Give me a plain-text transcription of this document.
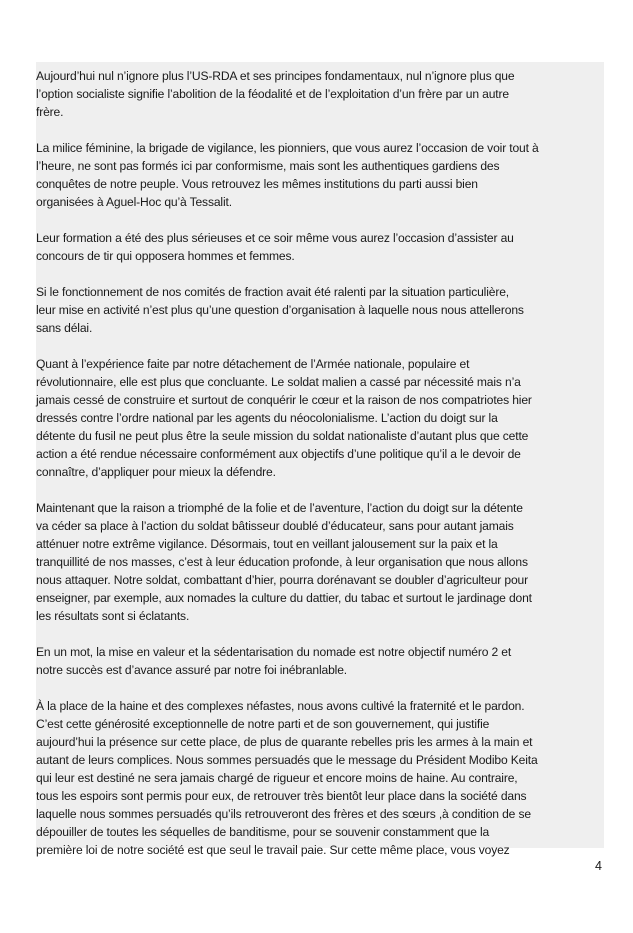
Aujourd’hui nul n’ignore plus l’US-RDA et ses principes fondamentaux, nul n’ignore plus que
l’option socialiste signifie l’abolition de la féodalité et de l’exploitation d’un frère par un autre
frère.
La milice féminine, la brigade de vigilance, les pionniers, que vous aurez l’occasion de voir tout à
l’heure, ne sont pas formés ici par conformisme, mais sont les authentiques gardiens des
conquêtes de notre peuple. Vous retrouvez les mêmes institutions du parti aussi bien
organisées à Aguel-Hoc qu’à Tessalit.
Leur formation a été des plus sérieuses et ce soir même vous aurez l’occasion d’assister au
concours de tir qui opposera hommes et femmes.
Si le fonctionnement de nos comités de fraction avait été ralenti par la situation particulière,
leur mise en activité n’est plus qu’une question d’organisation à laquelle nous nous attellerons
sans délai.
Quant à l’expérience faite par notre détachement de l’Armée nationale, populaire et
révolutionnaire, elle est plus que concluante. Le soldat malien a cassé par nécessité mais n’a
jamais cessé de construire et surtout de conquérir le cœur et la raison de nos compatriotes hier
dressés contre l’ordre national par les agents du néocolonialisme. L’action du doigt sur la
détente du fusil ne peut plus être la seule mission du soldat nationaliste d’autant plus que cette
action a été rendue nécessaire conformément aux objectifs d’une politique qu’il a le devoir de
connaître, d’appliquer pour mieux la défendre.
Maintenant que la raison a triomphé de la folie et de l’aventure, l’action du doigt sur la détente
va céder sa place à l’action du soldat bâtisseur doublé d’éducateur, sans pour autant jamais
atténuer notre extrême vigilance. Désormais, tout en veillant jalousement sur la paix et la
tranquillité de nos masses, c’est à leur éducation profonde, à leur organisation que nous allons
nous attaquer. Notre soldat, combattant d’hier, pourra dorénavant se doubler d’agriculteur pour
enseigner, par exemple, aux nomades la culture du dattier, du tabac et surtout le jardinage dont
les résultats sont si éclatants.
En un mot, la mise en valeur et la sédentarisation du nomade est notre objectif numéro 2 et
notre succès est d’avance assuré par notre foi inébranlable.
À la place de la haine et des complexes néfastes, nous avons cultivé la fraternité et le pardon.
C’est cette générosité exceptionnelle de notre parti et de son gouvernement, qui justifie
aujourd’hui la présence sur cette place, de plus de quarante rebelles pris les armes à la main et
autant de leurs complices. Nous sommes persuadés que le message du Président Modibo Keita
qui leur est destiné ne sera jamais chargé de rigueur et encore moins de haine. Au contraire,
tous les espoirs sont permis pour eux, de retrouver très bientôt leur place dans la société dans
laquelle nous sommes persuadés qu’ils retrouveront des frères et des sœurs ,à condition de se
dépouiller de toutes les séquelles de banditisme, pour se souvenir constamment que la
première loi de notre société est que seul le travail paie. Sur cette même place, vous voyez
4
